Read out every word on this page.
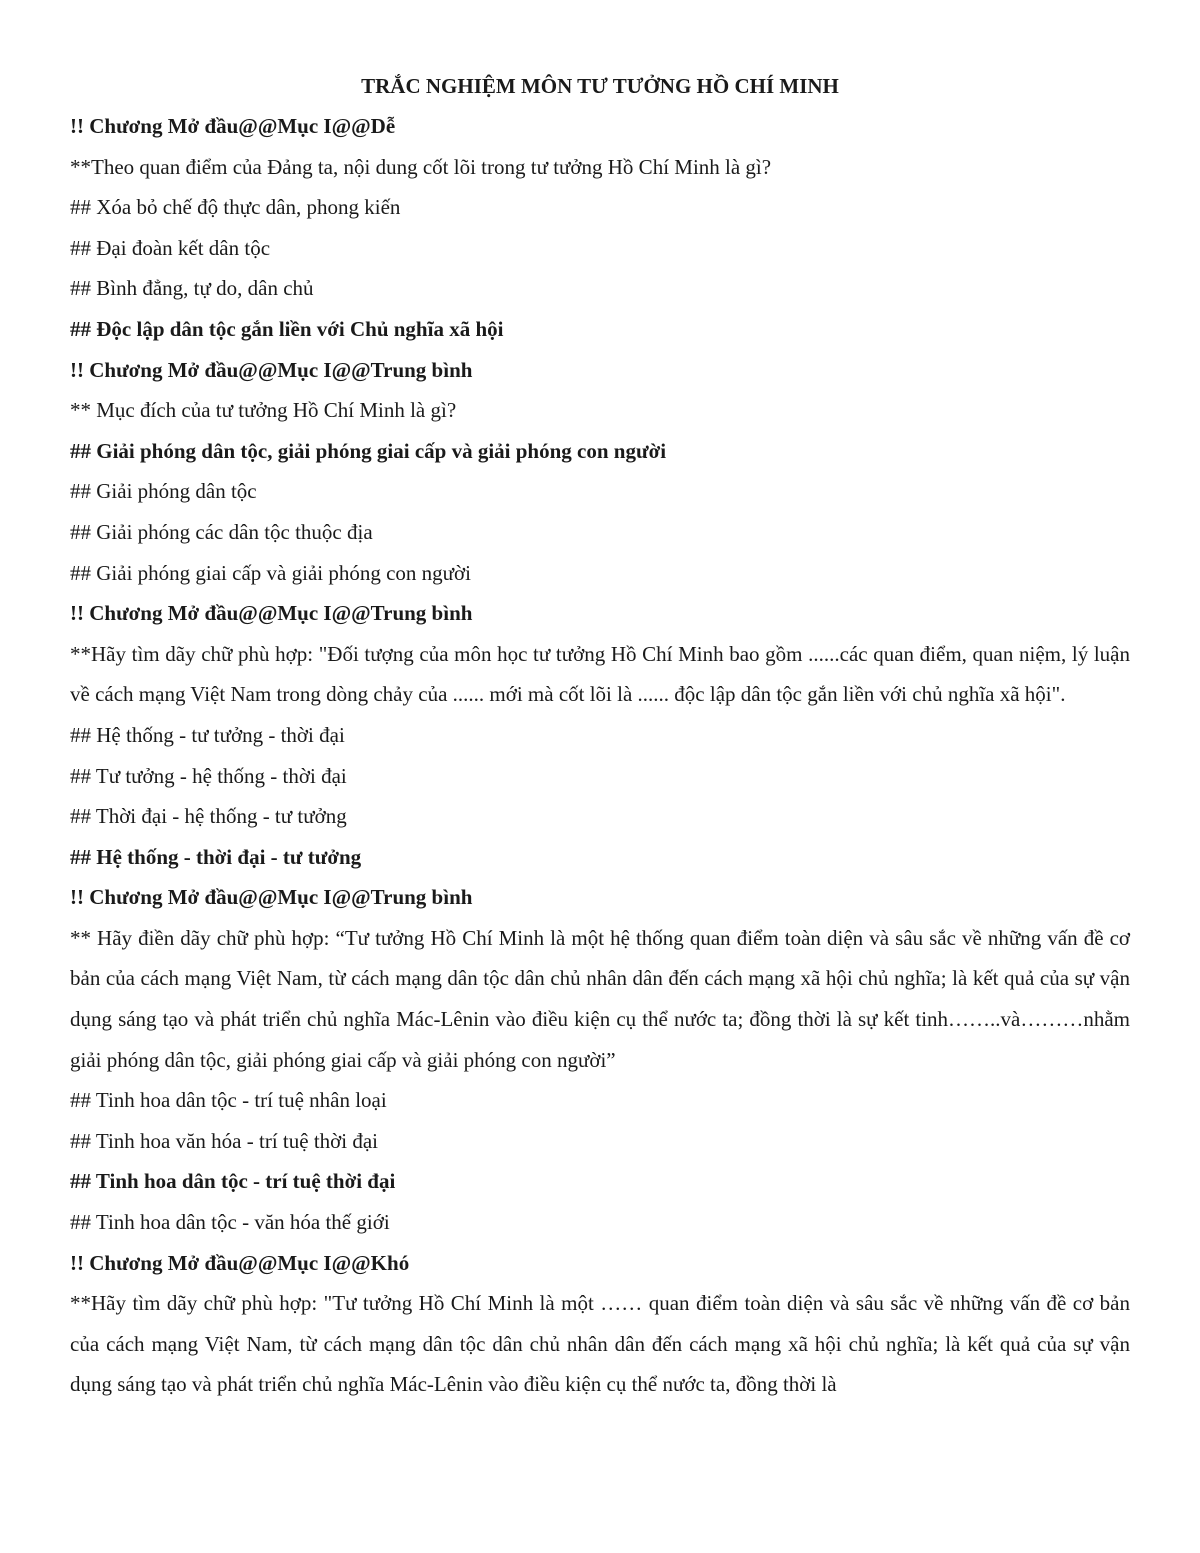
TRẮC NGHIỆM MÔN TƯ TƯỞNG HỒ CHÍ MINH

!! Chương Mở đầu@@Mục I@@Dễ

**Theo quan điểm của Đảng ta, nội dung cốt lõi trong tư tưởng Hồ Chí Minh là gì?

## Xóa bỏ chế độ thực dân, phong kiến

## Đại đoàn kết dân tộc

## Bình đẳng, tự do, dân chủ

## Độc lập dân tộc gắn liền với Chủ nghĩa xã hội

!! Chương Mở đầu@@Mục I@@Trung bình

** Mục đích của tư tưởng Hồ Chí Minh là gì?

## Giải phóng dân tộc, giải phóng giai cấp và giải phóng con người

## Giải phóng dân tộc

## Giải phóng các dân tộc thuộc địa

## Giải phóng giai cấp và giải phóng con người

!! Chương Mở đầu@@Mục I@@Trung bình

**Hãy tìm dãy chữ phù hợp: "Đối tượng của môn học tư tưởng Hồ Chí Minh bao gồm ......các quan điểm, quan niệm, lý luận về cách mạng Việt Nam trong dòng chảy của ...... mới mà cốt lõi là ...... độc lập dân tộc gắn liền với chủ nghĩa xã hội".

## Hệ thống - tư tưởng - thời đại

## Tư tưởng - hệ thống - thời đại

## Thời đại - hệ thống - tư tưởng

## Hệ thống - thời đại - tư tưởng

!! Chương Mở đầu@@Mục I@@Trung bình

** Hãy điền dãy chữ phù hợp: “Tư tưởng Hồ Chí Minh là một hệ thống quan điểm toàn diện và sâu sắc về những vấn đề cơ bản của cách mạng Việt Nam, từ cách mạng dân tộc dân chủ nhân dân đến cách mạng xã hội chủ nghĩa; là kết quả của sự vận dụng sáng tạo và phát triển chủ nghĩa Mác-Lênin vào điều kiện cụ thể nước ta; đồng thời là sự kết tinh……..và………nhằm giải phóng dân tộc, giải phóng giai cấp và giải phóng con người”

## Tinh hoa dân tộc - trí tuệ nhân loại

## Tinh hoa văn hóa - trí tuệ thời đại

## Tinh hoa dân tộc - trí tuệ thời đại

## Tinh hoa dân tộc - văn hóa thế giới

!! Chương Mở đầu@@Mục I@@Khó

**Hãy tìm dãy chữ phù hợp: "Tư tưởng Hồ Chí Minh là một …… quan điểm toàn diện và sâu sắc về những vấn đề cơ bản của cách mạng Việt Nam, từ cách mạng dân tộc dân chủ nhân dân đến cách mạng xã hội chủ nghĩa; là kết quả của sự vận dụng sáng tạo và phát triển chủ nghĩa Mác-Lênin vào điều kiện cụ thể nước ta, đồng thời là
